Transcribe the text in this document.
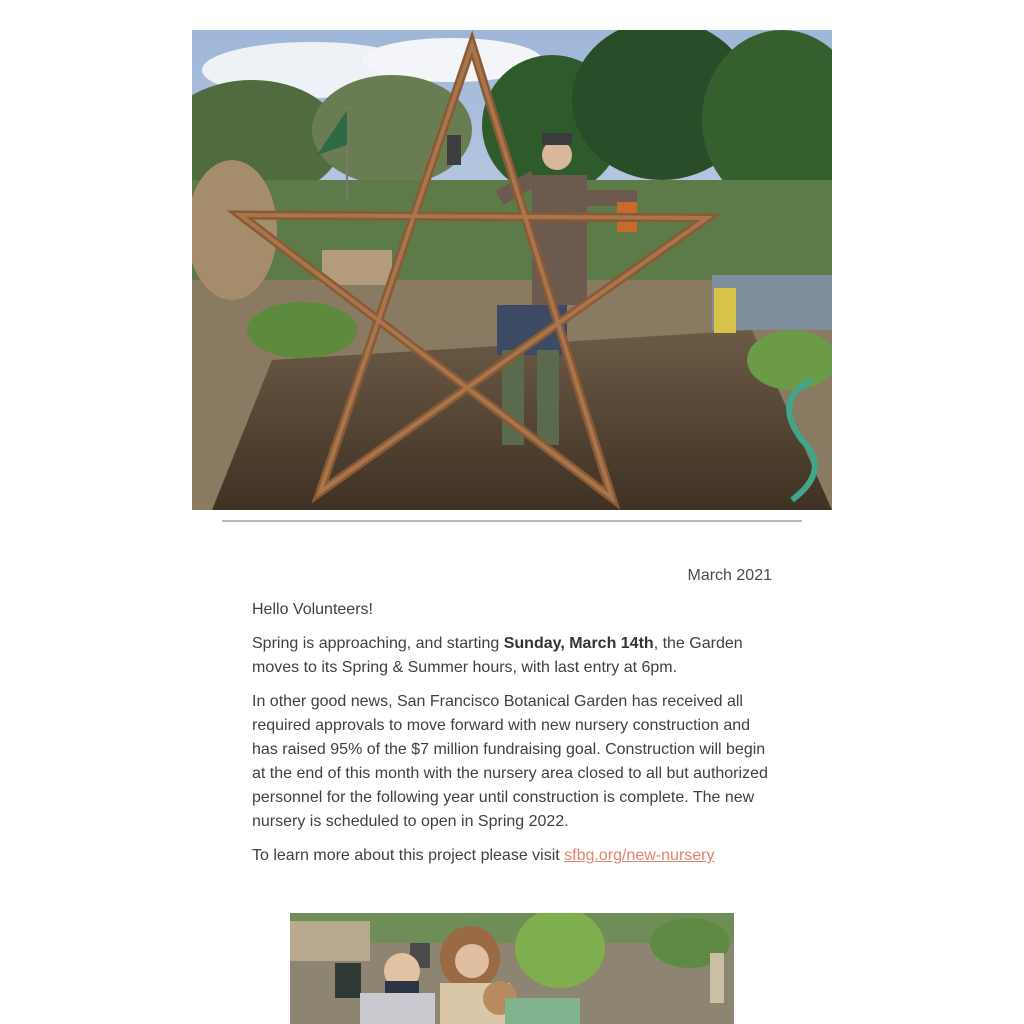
March 2021

Hello Volunteers!

Spring is approaching, and starting Sunday, March 14th, the Garden moves to its Spring & Summer hours, with last entry at 6pm.

In other good news, San Francisco Botanical Garden has received all required approvals to move forward with new nursery construction and has raised 95% of the $7 million fundraising goal. Construction will begin at the end of this month with the nursery area closed to all but authorized personnel for the following year until construction is complete. The new nursery is scheduled to open in Spring 2022.

To learn more about this project please visit sfbg.org/new-nursery
